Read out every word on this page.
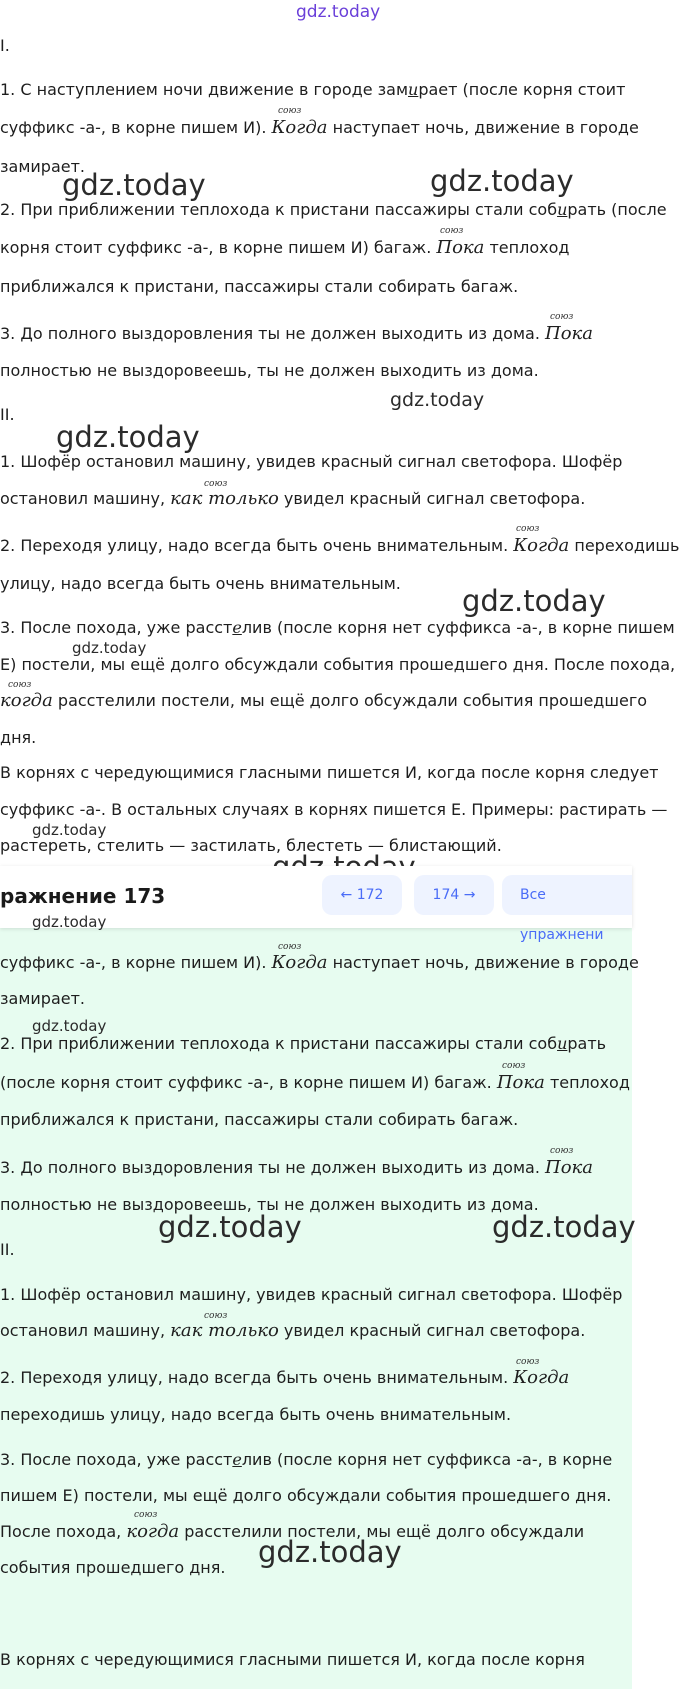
gdz.today

I.

1. С наступлением ночи движение в городе замирает (после корня стоит

союз

суффикс -а-, в корне пишем И). Когда наступает ночь, движение в городе

замирает.

gdz.today	gdz.today

2. При приближении теплохода к пристани пассажиры стали собирать (после

союз

корня стоит суффикс -а-, в корне пишем И) багаж. Пока теплоход

приближался к пристани, пассажиры стали собирать багаж.

союз

3. До полного выздоровления ты не должен выходить из дома. Пока

полностью не выздоровеешь, ты не должен выходить из дома.

gdz.today

II.

gdz.today

1. Шофёр остановил машину, увидев красный сигнал светофора. Шофёр

союз

остановил машину, как только увидел красный сигнал светофора.

союз

2. Переходя улицу, надо всегда быть очень внимательным. Когда переходишь

улицу, надо всегда быть очень внимательным.

gdz.today

3. После похода, уже расстелив (после корня нет суффикса -а-, в корне пишем

gdz.today

Е) постели, мы ещё долго обсуждали события прошедшего дня. После похода,

союз

когда расстелили постели, мы ещё долго обсуждали события прошедшего

дня.

В корнях с чередующимися гласными пишется И, когда после корня следует

суффикс -а-. В остальных случаях в корнях пишется Е. Примеры: растирать —

gdz.today

растереть, стелить — застилать, блестеть — блистающий.

ражнение 173	← 172	174 →	Все упражнени
gdz.today
союз

суффикс -а-, в корне пишем И). Когда наступает ночь, движение в городе

замирает.

gdz.today

2. При приближении теплохода к пристани пассажиры стали собирать

союз

(после корня стоит суффикс -а-, в корне пишем И) багаж. Пока теплоход

приближался к пристани, пассажиры стали собирать багаж.

союз

3. До полного выздоровления ты не должен выходить из дома. Пока

полностью не выздоровеешь, ты не должен выходить из дома.

gdz.today	gdz.today

II.

1. Шофёр остановил машину, увидев красный сигнал светофора. Шофёр

союз

остановил машину, как только увидел красный сигнал светофора.

союз

2. Переходя улицу, надо всегда быть очень внимательным. Когда

переходишь улицу, надо всегда быть очень внимательным.

3. После похода, уже расстелив (после корня нет суффикса -а-, в корне

пишем Е) постели, мы ещё долго обсуждали события прошедшего дня.

союз

После похода, когда расстелили постели, мы ещё долго обсуждали

события прошедшего дня. gdz.today

В корнях с чередующимися гласными пишется И, когда после корня
